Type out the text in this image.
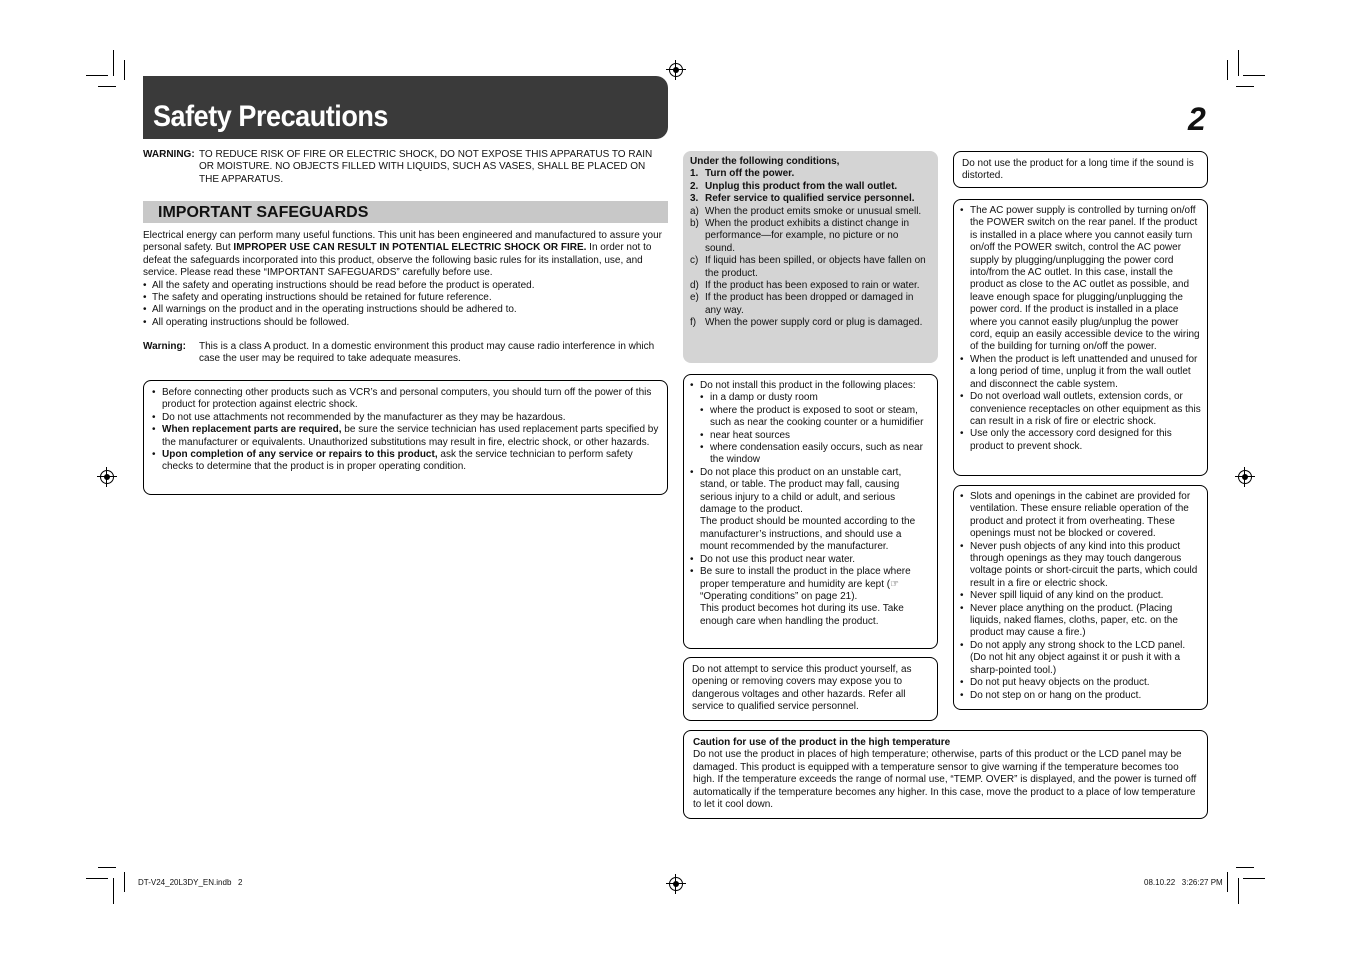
Safety Precautions	2
WARNING: TO REDUCE RISK OF FIRE OR ELECTRIC SHOCK, DO NOT EXPOSE THIS APPARATUS TO RAIN OR MOISTURE. NO OBJECTS FILLED WITH LIQUIDS, SUCH AS VASES, SHALL BE PLACED ON THE APPARATUS.
IMPORTANT SAFEGUARDS
Electrical energy can perform many useful functions. This unit has been engineered and manufactured to assure your personal safety. But IMPROPER USE CAN RESULT IN POTENTIAL ELECTRIC SHOCK OR FIRE. In order not to defeat the safeguards incorporated into this product, observe the following basic rules for its installation, use, and service. Please read these “IMPORTANT SAFEGUARDS” carefully before use.
• All the safety and operating instructions should be read before the product is operated.
• The safety and operating instructions should be retained for future reference.
• All warnings on the product and in the operating instructions should be adhered to.
• All operating instructions should be followed.
Warning: This is a class A product. In a domestic environment this product may cause radio interference in which case the user may be required to take adequate measures.
• Before connecting other products such as VCR’s and personal computers, you should turn off the power of this product for protection against electric shock.
• Do not use attachments not recommended by the manufacturer as they may be hazardous.
• When replacement parts are required, be sure the service technician has used replacement parts specified by the manufacturer or equivalents. Unauthorized substitutions may result in fire, electric shock, or other hazards.
• Upon completion of any service or repairs to this product, ask the service technician to perform safety checks to determine that the product is in proper operating condition.
Under the following conditions,
1. Turn off the power.
2. Unplug this product from the wall outlet.
3. Refer service to qualified service personnel.
a) When the product emits smoke or unusual smell.
b) When the product exhibits a distinct change in performance—for example, no picture or no sound.
c) If liquid has been spilled, or objects have fallen on the product.
d) If the product has been exposed to rain or water.
e) If the product has been dropped or damaged in any way.
f) When the power supply cord or plug is damaged.
• Do not install this product in the following places:
• in a damp or dusty room
• where the product is exposed to soot or steam, such as near the cooking counter or a humidifier
• near heat sources
• where condensation easily occurs, such as near the window
• Do not place this product on an unstable cart, stand, or table. The product may fall, causing serious injury to a child or adult, and serious damage to the product.
The product should be mounted according to the manufacturer’s instructions, and should use a mount recommended by the manufacturer.
• Do not use this product near water.
• Be sure to install the product in the place where proper temperature and humidity are kept (☞ “Operating conditions” on page 21).
This product becomes hot during its use. Take enough care when handling the product.
Do not attempt to service this product yourself, as opening or removing covers may expose you to dangerous voltages and other hazards. Refer all service to qualified service personnel.
Do not use the product for a long time if the sound is distorted.
• The AC power supply is controlled by turning on/off the POWER switch on the rear panel. If the product is installed in a place where you cannot easily turn on/off the POWER switch, control the AC power supply by plugging/unplugging the power cord into/from the AC outlet. In this case, install the product as close to the AC outlet as possible, and leave enough space for plugging/unplugging the power cord. If the product is installed in a place where you cannot easily plug/unplug the power cord, equip an easily accessible device to the wiring of the building for turning on/off the power.
• When the product is left unattended and unused for a long period of time, unplug it from the wall outlet and disconnect the cable system.
• Do not overload wall outlets, extension cords, or convenience receptacles on other equipment as this can result in a risk of fire or electric shock.
• Use only the accessory cord designed for this product to prevent shock.
• Slots and openings in the cabinet are provided for ventilation. These ensure reliable operation of the product and protect it from overheating. These openings must not be blocked or covered.
• Never push objects of any kind into this product through openings as they may touch dangerous voltage points or short-circuit the parts, which could result in a fire or electric shock.
• Never spill liquid of any kind on the product.
• Never place anything on the product. (Placing liquids, naked flames, cloths, paper, etc. on the product may cause a fire.)
• Do not apply any strong shock to the LCD panel. (Do not hit any object against it or push it with a sharp-pointed tool.)
• Do not put heavy objects on the product.
• Do not step on or hang on the product.
Caution for use of the product in the high temperature
Do not use the product in places of high temperature; otherwise, parts of this product or the LCD panel may be damaged. This product is equipped with a temperature sensor to give warning if the temperature becomes too high. If the temperature exceeds the range of normal use, “TEMP. OVER” is displayed, and the power is turned off automatically if the temperature becomes any higher. In this case, move the product to a place of low temperature to let it cool down.
DT-V24_20L3DY_EN.indb   2	08.10.22   3:26:27 PM
